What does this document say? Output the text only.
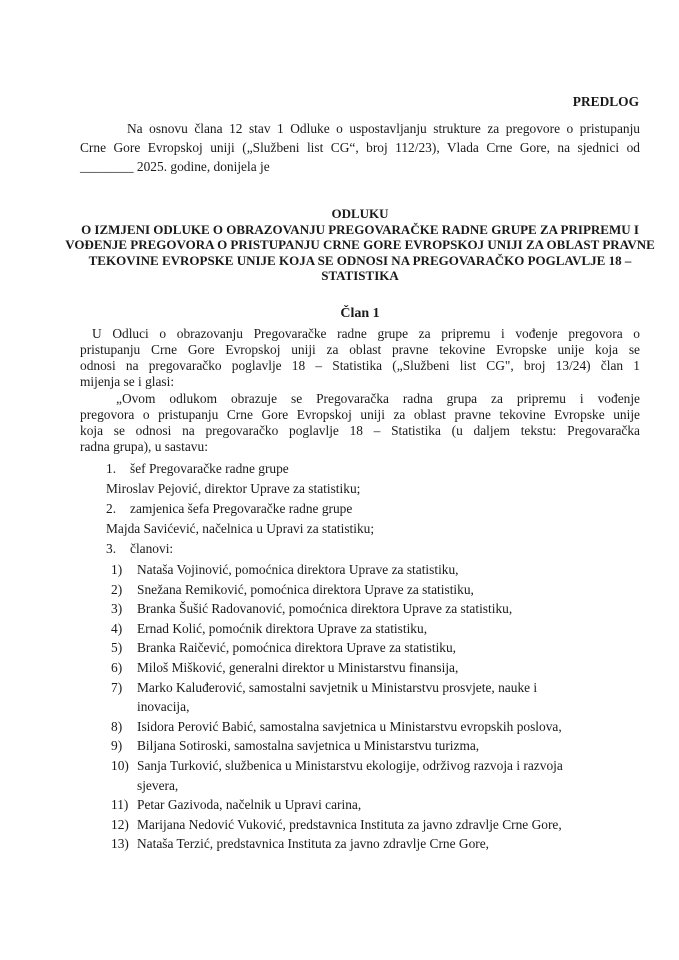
PREDLOG
Na osnovu člana 12 stav 1 Odluke o uspostavljanju strukture za pregovore o pristupanju
Crne Gore Evropskoj uniji („Službeni list CG“, broj 112/23), Vlada Crne Gore, na sjednici od
________ 2025. godine, donijela je
ODLUKU
O IZMJENI ODLUKE O OBRAZOVANJU PREGOVARAČKE RADNE GRUPE ZA PRIPREMU I
VOĐENJE PREGOVORA O PRISTUPANJU CRNE GORE EVROPSKOJ UNIJI ZA OBLAST PRAVNE
TEKOVINE EVROPSKE UNIJE KOJA SE ODNOSI NA PREGOVARAČKO POGLAVLJE 18 –
STATISTIKA
Član 1
U Odluci o obrazovanju Pregovaračke radne grupe za pripremu i vođenje pregovora o
pristupanju Crne Gore Evropskoj uniji za oblast pravne tekovine Evropske unije koja se
odnosi na pregovaračko poglavlje 18 – Statistika („Službeni list CG", broj 13/24) član 1
mijenja se i glasi:
„Ovom odlukom obrazuje se Pregovaračka radna grupa za pripremu i vođenje
pregovora o pristupanju Crne Gore Evropskoj uniji za oblast pravne tekovine Evropske unije
koja se odnosi na pregovaračko poglavlje 18 – Statistika (u daljem tekstu: Pregovaračka
radna grupa), u sastavu:
1. šef Pregovaračke radne grupe
Miroslav Pejović, direktor Uprave za statistiku;
2. zamjenica šefa Pregovaračke radne grupe
Majda Savićević, načelnica u Upravi za statistiku;
3. članovi:
1) Nataša Vojinović, pomoćnica direktora Uprave za statistiku,
2) Snežana Remiković, pomoćnica direktora Uprave za statistiku,
3) Branka Šušić Radovanović, pomoćnica direktora Uprave za statistiku,
4) Ernad Kolić, pomoćnik direktora Uprave za statistiku,
5) Branka Raičević, pomoćnica direktora Uprave za statistiku,
6) Miloš Mišković, generalni direktor u Ministarstvu finansija,
7) Marko Kaluđerović, samostalni savjetnik u Ministarstvu prosvjete, nauke i
inovacija,
8) Isidora Perović Babić, samostalna savjetnica u Ministarstvu evropskih poslova,
9) Biljana Sotiroski, samostalna savjetnica u Ministarstvu turizma,
10) Sanja Turković, službenica u Ministarstvu ekologije, održivog razvoja i razvoja
sjevera,
11) Petar Gazivoda, načelnik u Upravi carina,
12) Marijana Nedović Vuković, predstavnica Instituta za javno zdravlje Crne Gore,
13) Nataša Terzić, predstavnica Instituta za javno zdravlje Crne Gore,
